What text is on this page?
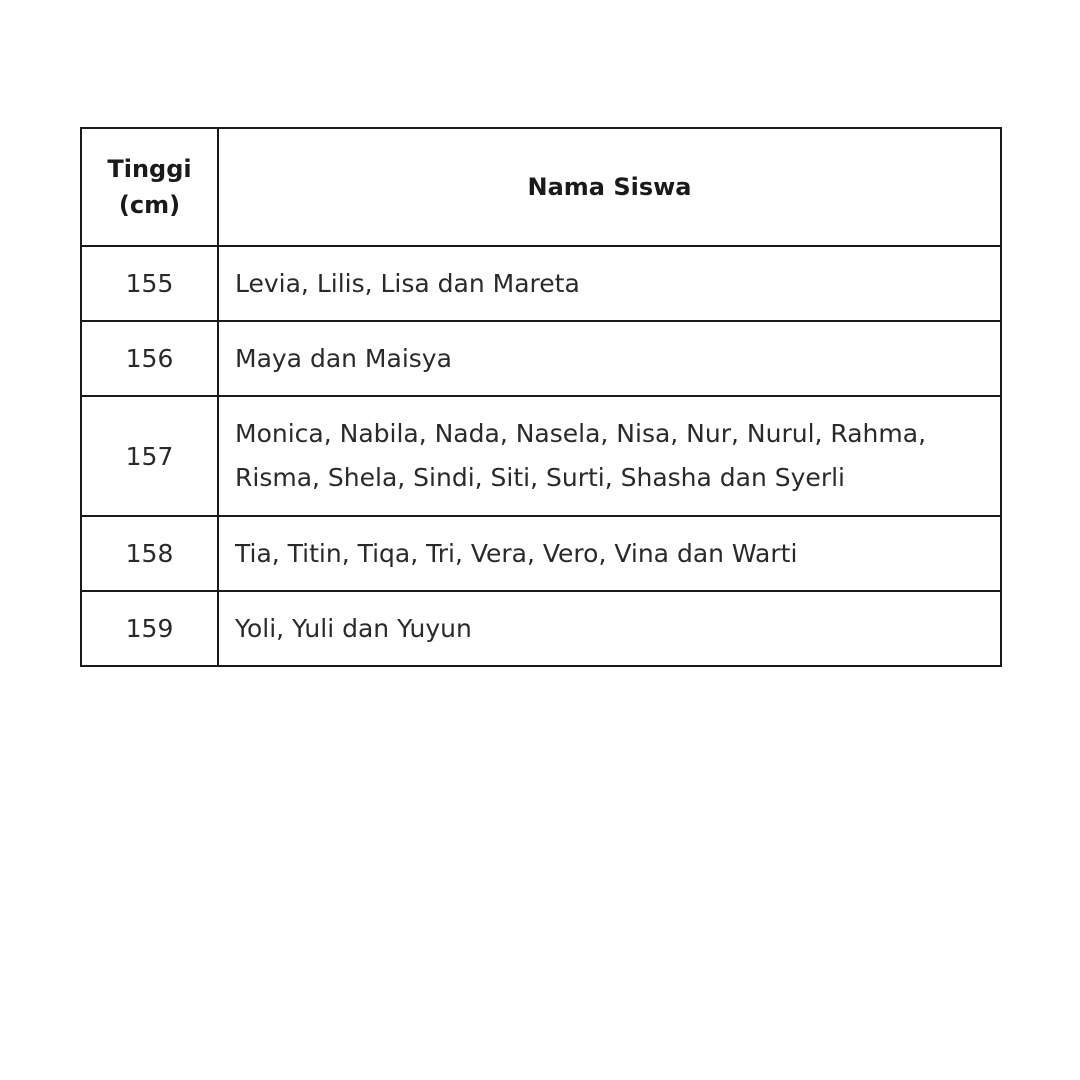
Tinggi (cm)	Nama Siswa
155	Levia, Lilis, Lisa dan Mareta
156	Maya dan Maisya
157	Monica, Nabila, Nada, Nasela, Nisa, Nur, Nurul, Rahma, Risma, Shela, Sindi, Siti, Surti, Shasha dan Syerli
158	Tia, Titin, Tiqa, Tri, Vera, Vero, Vina dan Warti
159	Yoli, Yuli dan Yuyun
